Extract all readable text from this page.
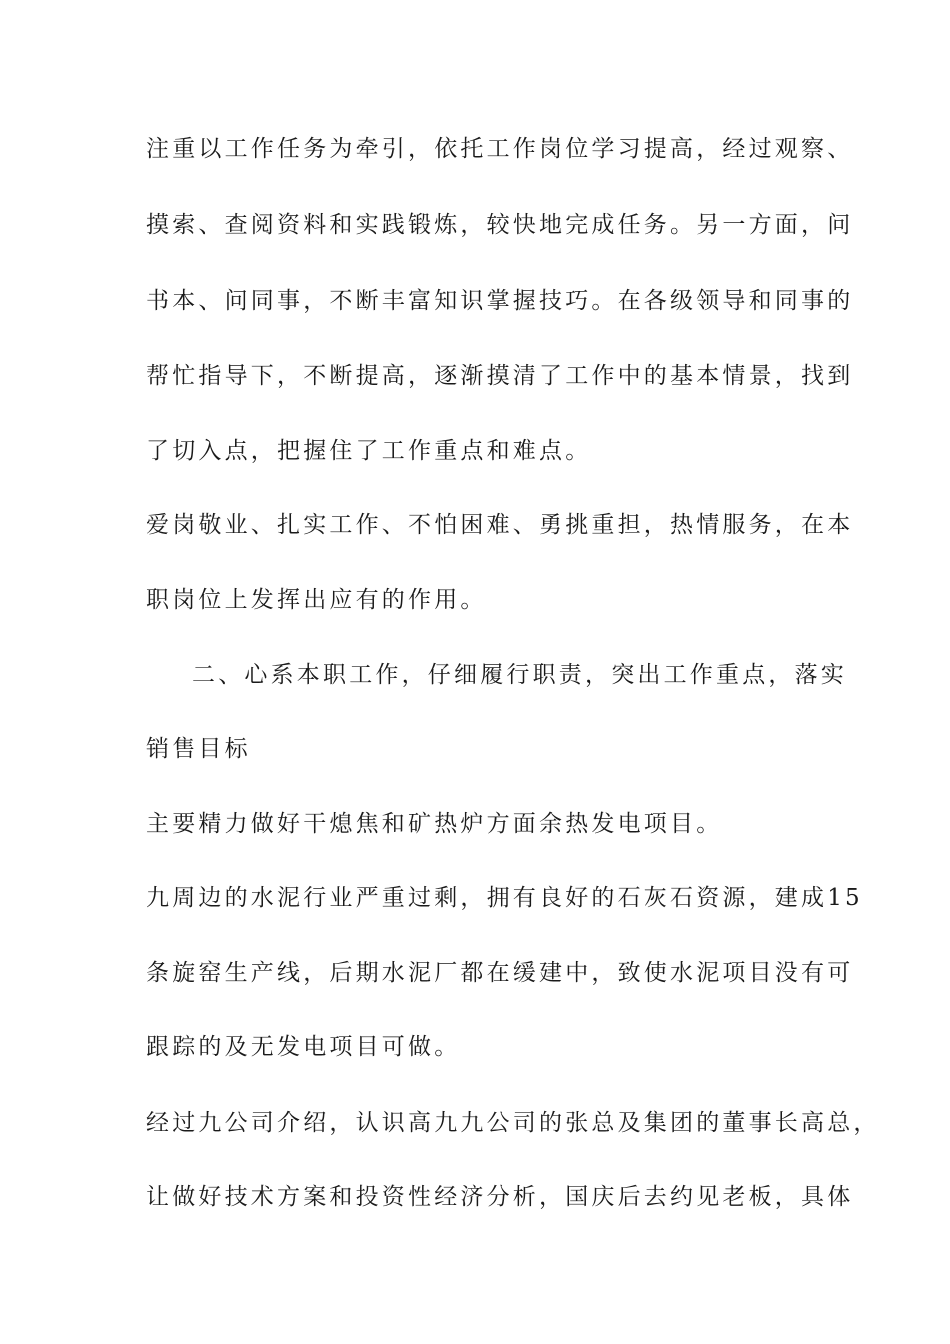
注重以工作任务为牵引，依托工作岗位学习提高，经过观察、
摸索、查阅资料和实践锻炼，较快地完成任务。另一方面，问
书本、问同事，不断丰富知识掌握技巧。在各级领导和同事的
帮忙指导下，不断提高，逐渐摸清了工作中的基本情景，找到
了切入点，把握住了工作重点和难点。
爱岗敬业、扎实工作、不怕困难、勇挑重担，热情服务，在本
职岗位上发挥出应有的作用。
二、心系本职工作，仔细履行职责，突出工作重点，落实
销售目标
主要精力做好干熄焦和矿热炉方面余热发电项目。
九周边的水泥行业严重过剩，拥有良好的石灰石资源，建成15
条旋窑生产线，后期水泥厂都在缓建中，致使水泥项目没有可
跟踪的及无发电项目可做。
经过九公司介绍，认识高九九公司的张总及集团的董事长高总，
让做好技术方案和投资性经济分析，国庆后去约见老板，具体
